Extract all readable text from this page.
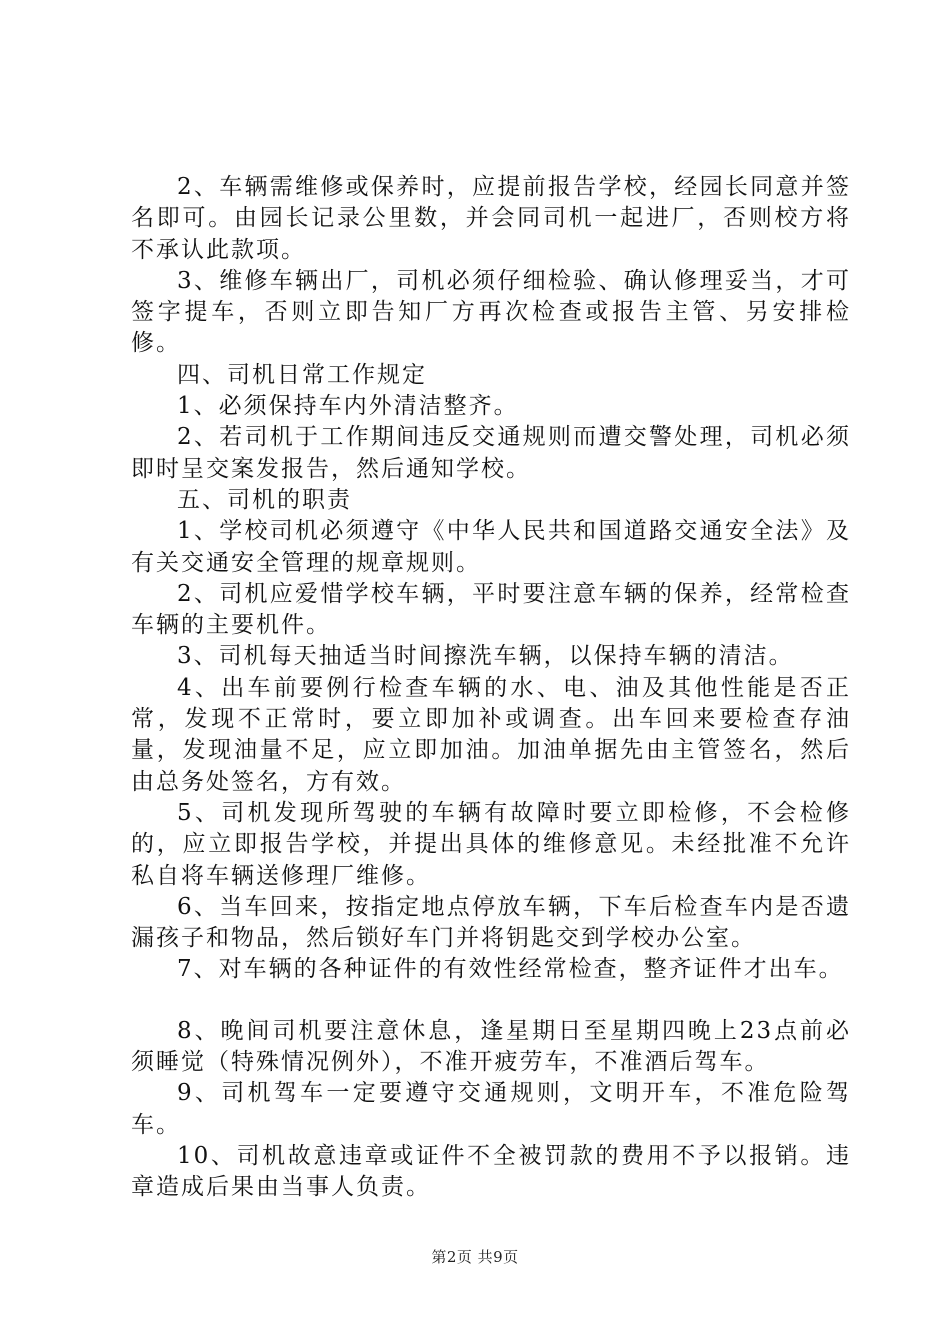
2、车辆需维修或保养时，应提前报告学校，经园长同意并签名即可。由园长记录公里数，并会同司机一起进厂，否则校方将不承认此款项。

3、维修车辆出厂，司机必须仔细检验、确认修理妥当，才可签字提车，否则立即告知厂方再次检查或报告主管、另安排检修。

四、司机日常工作规定

1、必须保持车内外清洁整齐。

2、若司机于工作期间违反交通规则而遭交警处理，司机必须即时呈交案发报告，然后通知学校。

五、司机的职责

1、学校司机必须遵守《中华人民共和国道路交通安全法》及有关交通安全管理的规章规则。

2、司机应爱惜学校车辆，平时要注意车辆的保养，经常检查车辆的主要机件。

3、司机每天抽适当时间擦洗车辆，以保持车辆的清洁。

4、出车前要例行检查车辆的水、电、油及其他性能是否正常，发现不正常时，要立即加补或调查。出车回来要检查存油量，发现油量不足，应立即加油。加油单据先由主管签名，然后由总务处签名，方有效。

5、司机发现所驾驶的车辆有故障时要立即检修，不会检修的，应立即报告学校，并提出具体的维修意见。未经批准不允许私自将车辆送修理厂维修。

6、当车回来，按指定地点停放车辆，下车后检查车内是否遗漏孩子和物品，然后锁好车门并将钥匙交到学校办公室。

7、对车辆的各种证件的有效性经常检查，整齐证件才出车。

8、晚间司机要注意休息，逢星期日至星期四晚上23点前必须睡觉（特殊情况例外），不准开疲劳车，不准酒后驾车。

9、司机驾车一定要遵守交通规则，文明开车，不准危险驾车。

10、司机故意违章或证件不全被罚款的费用不予以报销。违章造成后果由当事人负责。

第2页 共9页
